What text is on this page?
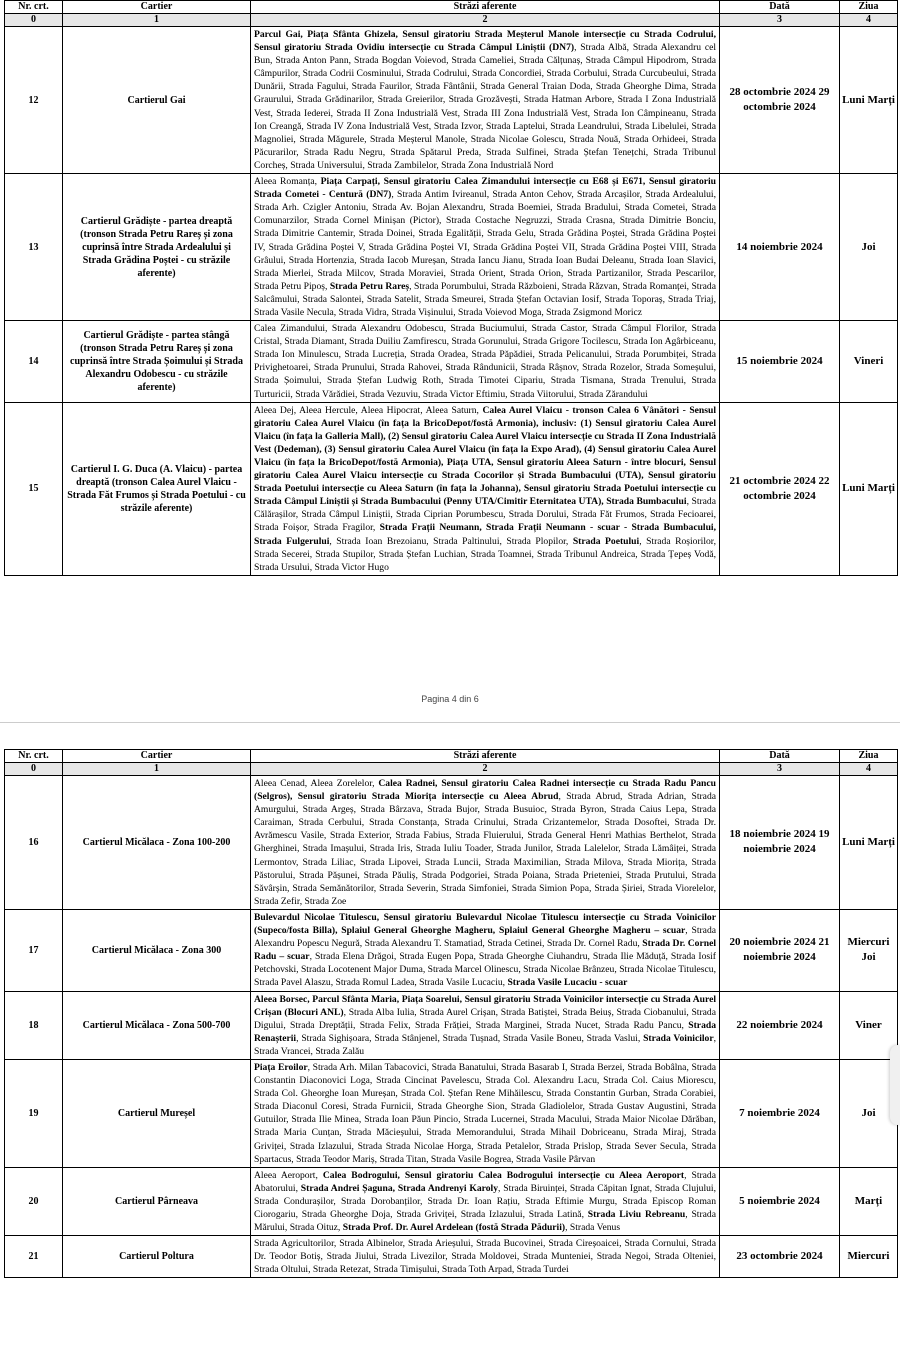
Nr. crt.	Cartier	Străzi aferente	Dată	Ziua
0	1	2	3	4
12	Cartierul Gai	Parcul Gai, Piața Sfânta Ghizela, Sensul giratoriu Strada Meșterul Manole intersecție cu Strada Codrului, Sensul giratoriu Strada Ovidiu intersecție cu Strada Câmpul Liniștii (DN7), Strada Albă, Strada Alexandru cel Bun, Strada Anton Pann, Strada Bogdan Voievod, Strada Cameliei, Strada Călțunaș, Strada Câmpul Hipodrom, Strada Câmpurilor, Strada Codrii Cosminului, Strada Codrului, Strada Concordiei, Strada Corbului, Strada Curcubeului, Strada Dunării, Strada Fagului, Strada Faurilor, Strada Fântânii, Strada General Traian Doda, Strada Gheorghe Dima, Strada Graurului, Strada Grădinarilor, Strada Greierilor, Strada Grozăvești, Strada Hatman Arbore, Strada I Zona Industrială Vest, Strada Iederei, Strada II Zona Industrială Vest, Strada III Zona Industrială Vest, Strada Ion Câmpineanu, Strada Ion Creangă, Strada IV Zona Industrială Vest, Strada Izvor, Strada Laptelui, Strada Leandrului, Strada Libelulei, Strada Magnoliei, Strada Măgurele, Strada Meșterul Manole, Strada Nicolae Golescu, Strada Nouă, Strada Orhideei, Strada Păcurarilor, Strada Radu Negru, Strada Spătarul Preda, Strada Sulfinei, Strada Ștefan Tenețchi, Strada Tribunul Corcheș, Strada Universului, Strada Zambilelor, Strada Zona Industrială Nord	28 octombrie 2024 29 octombrie 2024	Luni Marți
13	Cartierul Grădiște - partea dreaptă (tronson Strada Petru Rareș și zona cuprinsă între Strada Ardealului și Strada Grădina Poștei - cu străzile aferente)	Aleea Romanța, Piața Carpați, Sensul giratoriu Calea Zimandului intersecție cu E68 și E671, Sensul giratoriu Strada Cometei - Centură (DN7), Strada Antim Ivireanul, Strada Anton Cehov, Strada Arcașilor, Strada Ardealului, Strada Arh. Czigler Antoniu, Strada Av. Bojan Alexandru, Strada Boemiei, Strada Bradului, Strada Cometei, Strada Comunarzilor, Strada Cornel Minișan (Pictor), Strada Costache Negruzzi, Strada Crasna, Strada Dimitrie Bonciu, Strada Dimitrie Cantemir, Strada Doinei, Strada Egalității, Strada Gelu, Strada Grădina Poștei, Strada Grădina Poștei IV, Strada Grădina Poștei V, Strada Grădina Poștei VI, Strada Grădina Poștei VII, Strada Grădina Poștei VIII, Strada Grâului, Strada Hortenzia, Strada Iacob Mureșan, Strada Iancu Jianu, Strada Ioan Budai Deleanu, Strada Ioan Slavici, Strada Mierlei, Strada Milcov, Strada Moraviei, Strada Orient, Strada Orion, Strada Partizanilor, Strada Pescarilor, Strada Petru Pipoș, Strada Petru Rareș, Strada Porumbului, Strada Războieni, Strada Răzvan, Strada Romanței, Strada Salcâmului, Strada Salontei, Strada Satelit, Strada Smeurei, Strada Ștefan Octavian Iosif, Strada Toporaș, Strada Triaj, Strada Vasile Necula, Strada Vidra, Strada Vișinului, Strada Voievod Moga, Strada Zsigmond Moricz	14 noiembrie 2024	Joi
14	Cartierul Grădiște - partea stângă (tronson Strada Petru Rareș și zona cuprinsă între Strada Șoimului și Strada Alexandru Odobescu - cu străzile aferente)	Calea Zimandului, Strada Alexandru Odobescu, Strada Buciumului, Strada Castor, Strada Câmpul Florilor, Strada Cristal, Strada Diamant, Strada Duiliu Zamfirescu, Strada Gorunului, Strada Grigore Tocilescu, Strada Ion Agârbiceanu, Strada Ion Minulescu, Strada Lucreția, Strada Oradea, Strada Păpădiei, Strada Pelicanului, Strada Porumbiței, Strada Privighetoarei, Strada Prunului, Strada Rahovei, Strada Rândunicii, Strada Râșnov, Strada Rozelor, Strada Someșului, Strada Șoimului, Strada Ștefan Ludwig Roth, Strada Timotei Cipariu, Strada Tismana, Strada Trenului, Strada Turturicii, Strada Vărădiei, Strada Vezuviu, Strada Victor Eftimiu, Strada Viitorului, Strada Zărandului	15 noiembrie 2024	Vineri
15	Cartierul I. G. Duca (A. Vlaicu) - partea dreaptă (tronson Calea Aurel Vlaicu - Strada Făt Frumos și Strada Poetului - cu străzile aferente)	Aleea Dej, Aleea Hercule, Aleea Hipocrat, Aleea Saturn, Calea Aurel Vlaicu - tronson Calea 6 Vânători - Sensul giratoriu Calea Aurel Vlaicu (în fața la BricoDepot/fostă Armonia), inclusiv: (1) Sensul giratoriu Calea Aurel Vlaicu (în fața la Galleria Mall), (2) Sensul giratoriu Calea Aurel Vlaicu intersecție cu Strada II Zona Industrială Vest (Dedeman), (3) Sensul giratoriu Calea Aurel Vlaicu (în fața la Expo Arad), (4) Sensul giratoriu Calea Aurel Vlaicu (în fața la BricoDepot/fostă Armonia), Piața UTA, Sensul giratoriu Aleea Saturn - între blocuri, Sensul giratoriu Calea Aurel Vlaicu intersecție cu Strada Cocorilor și Strada Bumbacului (UTA), Sensul giratoriu Strada Poetului intersecție cu Aleea Saturn (în fața la Johanna), Sensul giratoriu Strada Poetului intersecție cu Strada Câmpul Liniștii și Strada Bumbacului (Penny UTA/Cimitir Eternitatea UTA), Strada Bumbacului, Strada Călărașilor, Strada Câmpul Liniștii, Strada Ciprian Porumbescu, Strada Dorului, Strada Făt Frumos, Strada Fecioarei, Strada Foișor, Strada Fragilor, Strada Frații Neumann, Strada Frații Neumann - scuar - Strada Bumbacului, Strada Fulgerului, Strada Ioan Brezoianu, Strada Paltinului, Strada Plopilor, Strada Poetului, Strada Roșiorilor, Strada Secerei, Strada Stupilor, Strada Ștefan Luchian, Strada Toamnei, Strada Tribunul Andreica, Strada Țepeș Vodă, Strada Ursului, Strada Victor Hugo	21 octombrie 2024 22 octombrie 2024	Luni Marți
Pagina 4 din 6
Nr. crt.	Cartier	Străzi aferente	Dată	Ziua
0	1	2	3	4
16	Cartierul Micălaca - Zona 100-200	Aleea Cenad, Aleea Zorelelor, Calea Radnei, Sensul giratoriu Calea Radnei intersecție cu Strada Radu Pancu (Selgros), Sensul giratoriu Strada Miorița intersecție cu Aleea Abrud, Strada Abrud, Strada Adrian, Strada Amurgului, Strada Argeș, Strada Bârzava, Strada Bujor, Strada Busuioc, Strada Byron, Strada Caius Lepa, Strada Caraiman, Strada Cerbului, Strada Constanța, Strada Crinului, Strada Crizantemelor, Strada Dosoftei, Strada Dr. Avrămescu Vasile, Strada Exterior, Strada Fabius, Strada Fluierului, Strada General Henri Mathias Berthelot, Strada Gherghinei, Strada Imașului, Strada Iris, Strada Iuliu Toader, Strada Junilor, Strada Lalelelor, Strada Lămâiței, Strada Lermontov, Strada Liliac, Strada Lipovei, Strada Luncii, Strada Maximilian, Strada Milova, Strada Miorița, Strada Păstorului, Strada Pășunei, Strada Păuliș, Strada Podgoriei, Strada Poiana, Strada Prieteniei, Strada Prutului, Strada Săvârșin, Strada Semănătorilor, Strada Severin, Strada Simfoniei, Strada Simion Popa, Strada Șiriei, Strada Viorelelor, Strada Zefir, Strada Zoe	18 noiembrie 2024 19 noiembrie 2024	Luni Marți
17	Cartierul Micălaca - Zona 300	Bulevardul Nicolae Titulescu, Sensul giratoriu Bulevardul Nicolae Titulescu intersecție cu Strada Voinicilor (Supeco/fosta Billa), Splaiul General Gheorghe Magheru, Splaiul General Gheorghe Magheru – scuar, Strada Alexandru Popescu Negură, Strada Alexandru T. Stamatiad, Strada Cetinei, Strada Dr. Cornel Radu, Strada Dr. Cornel Radu – scuar, Strada Elena Drăgoi, Strada Eugen Popa, Strada Gheorghe Ciuhandru, Strada Ilie Măduță, Strada Iosif Petchovski, Strada Locotenent Major Duma, Strada Marcel Olinescu, Strada Nicolae Brânzeu, Strada Nicolae Titulescu, Strada Pavel Alaszu, Strada Romul Ladea, Strada Vasile Lucaciu, Strada Vasile Lucaciu - scuar	20 noiembrie 2024 21 noiembrie 2024	Miercuri Joi
18	Cartierul Micălaca - Zona 500-700	Aleea Borsec, Parcul Sfânta Maria, Piața Soarelui, Sensul giratoriu Strada Voinicilor intersecție cu Strada Aurel Crișan (Blocuri ANL), Strada Alba Iulia, Strada Aurel Crișan, Strada Batiștei, Strada Beiuș, Strada Ciobanului, Strada Digului, Strada Dreptății, Strada Felix, Strada Frăției, Strada Marginei, Strada Nucet, Strada Radu Pancu, Strada Renașterii, Strada Sighișoara, Strada Stânjenel, Strada Tușnad, Strada Vasile Boneu, Strada Vaslui, Strada Voinicilor, Strada Vrancei, Strada Zalău	22 noiembrie 2024	Viner
19	Cartierul Mureșel	Piața Eroilor, Strada Arh. Milan Tabacovici, Strada Banatului, Strada Basarab I, Strada Berzei, Strada Bobâlna, Strada Constantin Diaconovici Loga, Strada Cincinat Pavelescu, Strada Col. Alexandru Lacu, Strada Col. Caius Miorescu, Strada Col. Gheorghe Ioan Mureșan, Strada Col. Ștefan Rene Mihăilescu, Strada Constantin Gurban, Strada Corabiei, Strada Diaconul Coresi, Strada Furnicii, Strada Gheorghe Sion, Strada Gladiolelor, Strada Gustav Augustini, Strada Gutuilor, Strada Ilie Minea, Strada Ioan Păun Pincio, Strada Lucernei, Strada Macului, Strada Maior Nicolae Dărăban, Strada Maria Cunțan, Strada Măcieșului, Strada Memorandului, Strada Mihail Dobriceanu, Strada Miraj, Strada Griviței, Strada Izlazului, Strada Strada Nicolae Horga, Strada Petalelor, Strada Prislop, Strada Sever Secula, Strada Spartacus, Strada Teodor Mariș, Strada Titan, Strada Vasile Bogrea, Strada Vasile Pârvan	7 noiembrie 2024	Joi
20	Cartierul Pârneava	Aleea Aeroport, Calea Bodrogului, Sensul giratoriu Calea Bodrogului intersecție cu Aleea Aeroport, Strada Abatorului, Strada Andrei Șaguna, Strada Andrenyi Karoly, Strada Biruinței, Strada Căpitan Ignat, Strada Clujului, Strada Condurașilor, Strada Dorobanților, Strada Dr. Ioan Rațiu, Strada Eftimie Murgu, Strada Episcop Roman Ciorogariu, Strada Gheorghe Doja, Strada Griviței, Strada Izlazului, Strada Latină, Strada Liviu Rebreanu, Strada Mărului, Strada Oituz, Strada Prof. Dr. Aurel Ardelean (fostă Strada Pădurii), Strada Venus	5 noiembrie 2024	Marți
21	Cartierul Poltura	Strada Agricultorilor, Strada Albinelor, Strada Arieșului, Strada Bucovinei, Strada Cireșoaicei, Strada Cornului, Strada Dr. Teodor Botiș, Strada Jiului, Strada Livezilor, Strada Moldovei, Strada Munteniei, Strada Negoi, Strada Olteniei, Strada Oltului, Strada Retezat, Strada Timișului, Strada Toth Arpad, Strada Turdei	23 octombrie 2024	Miercuri
